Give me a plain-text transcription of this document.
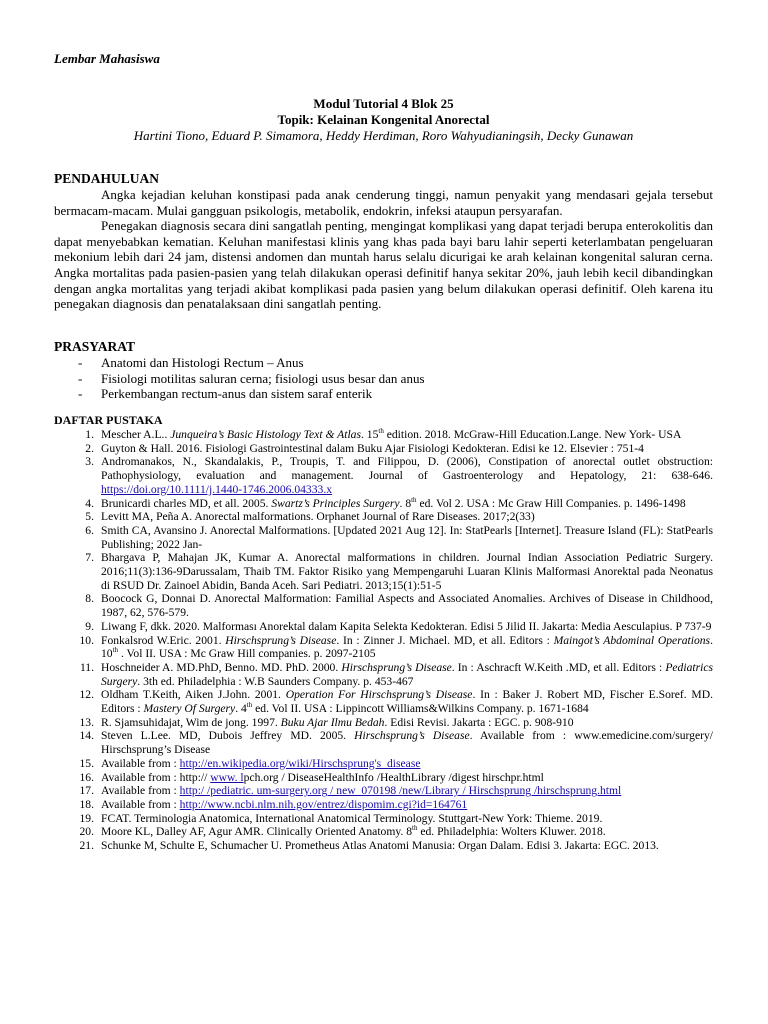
Lembar Mahasiswa
Modul Tutorial 4 Blok 25
Topik: Kelainan Kongenital Anorectal
Hartini Tiono, Eduard P. Simamora, Heddy Herdiman, Roro Wahyudianingsih, Decky Gunawan
PENDAHULUAN

Angka kejadian keluhan konstipasi pada anak cenderung tinggi, namun penyakit yang mendasari gejala tersebut bermacam-macam. Mulai gangguan psikologis, metabolik, endokrin, infeksi ataupun persyarafan.

Penegakan diagnosis secara dini sangatlah penting, mengingat komplikasi yang dapat terjadi berupa enterokolitis dan dapat menyebabkan kematian. Keluhan manifestasi klinis yang khas pada bayi baru lahir seperti keterlambatan pengeluaran mekonium lebih dari 24 jam, distensi andomen dan muntah harus selalu dicurigai ke arah kelainan kongenital saluran cerna. Angka mortalitas pada pasien-pasien yang telah dilakukan operasi definitif hanya sekitar 20%, jauh lebih kecil dibandingkan dengan angka mortalitas yang terjadi akibat komplikasi pada pasien yang belum dilakukan operasi definitif. Oleh karena itu penegakan diagnosis dan penatalaksaan dini sangatlah penting.

PRASYARAT
- Anatomi dan Histologi Rectum – Anus
- Fisiologi motilitas saluran cerna; fisiologi usus besar dan anus
- Perkembangan rectum-anus dan sistem saraf enterik
DAFTAR PUSTAKA
1. Mescher A.L.. Junqueira’s Basic Histology Text & Atlas. 15th edition. 2018. McGraw-Hill Education.Lange. New York- USA
2. Guyton & Hall. 2016. Fisiologi Gastrointestinal dalam Buku Ajar Fisiologi Kedokteran. Edisi ke 12. Elsevier : 751-4
3. Andromanakos, N., Skandalakis, P., Troupis, T. and Filippou, D. (2006), Constipation of anorectal outlet obstruction: Pathophysiology, evaluation and management. Journal of Gastroenterology and Hepatology, 21: 638-646. https://doi.org/10.1111/j.1440-1746.2006.04333.x
4. Brunicardi charles MD, et all. 2005. Swartz’s Principles Surgery. 8th ed. Vol 2. USA : Mc Graw Hill Companies. p. 1496-1498
5. Levitt MA, Peña A. Anorectal malformations. Orphanet Journal of Rare Diseases. 2017;2(33)
6. Smith CA, Avansino J. Anorectal Malformations. [Updated 2021 Aug 12]. In: StatPearls [Internet]. Treasure Island (FL): StatPearls Publishing; 2022 Jan-
7. Bhargava P, Mahajan JK, Kumar A. Anorectal malformations in children. Journal Indian Association Pediatric Surgery. 2016;11(3):136-9Darussalam, Thaib TM. Faktor Risiko yang Mempengaruhi Luaran Klinis Malformasi Anorektal pada Neonatus di RSUD Dr. Zainoel Abidin, Banda Aceh. Sari Pediatri. 2013;15(1):51-5
8. Boocock G, Donnai D. Anorectal Malformation: Familial Aspects and Associated Anomalies. Archives of Disease in Childhood, 1987, 62, 576-579.
9. Liwang F, dkk. 2020. Malforması Anorektal dalam Kapita Selekta Kedokteran. Edisi 5 Jilid II. Jakarta: Media Aesculapius. P 737-9
10. Fonkalsrod W.Eric. 2001. Hirschsprung’s Disease. In : Zinner J. Michael. MD, et all. Editors : Maingot’s Abdominal Operations. 10th . Vol II. USA : Mc Graw Hill companies. p. 2097-2105
11. Hoschneider A. MD.PhD, Benno. MD. PhD. 2000. Hirschsprung’s Disease. In : Aschracft W.Keith .MD, et all. Editors : Pediatrics Surgery. 3th ed. Philadelphia : W.B Saunders Company. p. 453-467
12. Oldham T.Keith, Aiken J.John. 2001. Operation For Hirschsprung’s Disease. In : Baker J. Robert MD, Fischer E.Soref. MD. Editors : Mastery Of Surgery. 4th ed. Vol II. USA : Lippincott Williams&Wilkins Company. p. 1671-1684
13. R. Sjamsuhidajat, Wim de jong. 1997. Buku Ajar Ilmu Bedah. Edisi Revisi. Jakarta : EGC. p. 908-910
14. Steven L.Lee. MD, Dubois Jeffrey MD. 2005. Hirschsprung’s Disease. Available from : www.emedicine.com/surgery/ Hirschsprung’s Disease
15. Available from : http://en.wikipedia.org/wiki/Hirschsprung's_disease
16. Available from : http:// www. lpch.org / DiseaseHealthInfo /HealthLibrary /digest hirschpr.html
17. Available from : http:/ /pediatric. um-surgery.org / new_070198 /new/Library / Hirschsprung /hirschsprung.html
18. Available from : http://www.ncbi.nlm.nih.gov/entrez/dispomim.cgi?id=164761
19. FCAT. Terminologia Anatomica, International Anatomical Terminology. Stuttgart-New York: Thieme. 2019.
20. Moore KL, Dalley AF, Agur AMR. Clinically Oriented Anatomy. 8th ed. Philadelphia: Wolters Kluwer. 2018.
21. Schunke M, Schulte E, Schumacher U. Prometheus Atlas Anatomi Manusia: Organ Dalam. Edisi 3. Jakarta: EGC. 2013.
